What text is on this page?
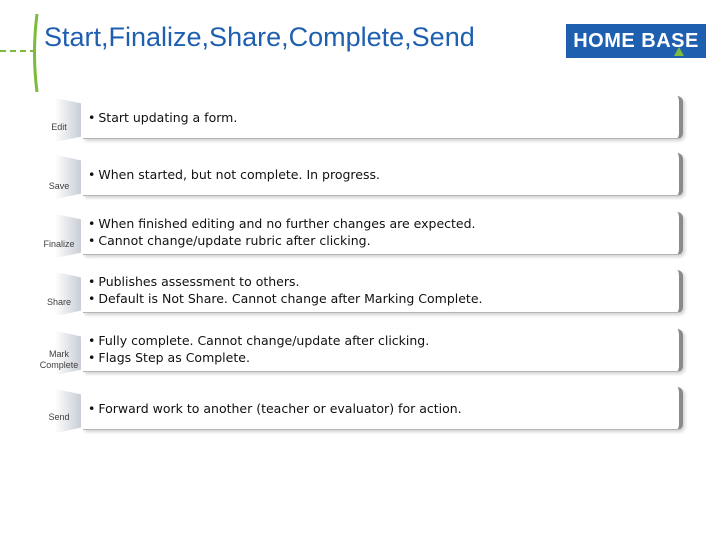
Start,Finalize,Share,Complete,Send	HOME BASE
Edit
• Start updating a form.
Save
• When started, but not complete. In progress.
Finalize
• When finished editing and no further changes are expected.
• Cannot change/update rubric after clicking.
Share
• Publishes assessment to others.
• Default is Not Share. Cannot change after Marking Complete.
Mark Complete
• Fully complete. Cannot change/update after clicking.
• Flags Step as Complete.
Send
• Forward work to another (teacher or evaluator) for action.
